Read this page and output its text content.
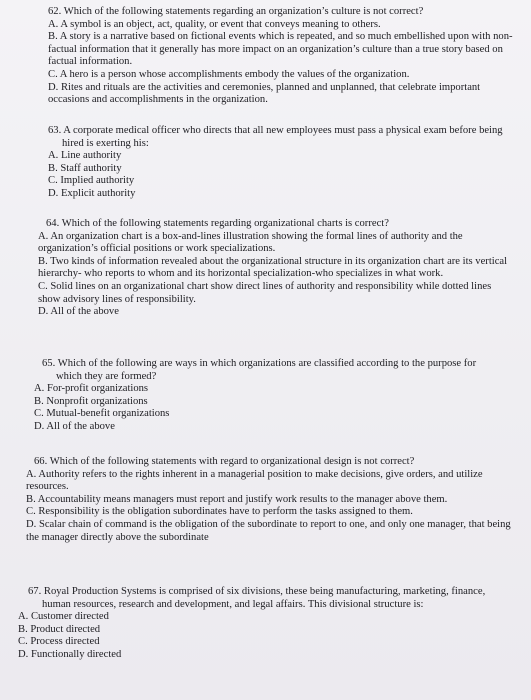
62. Which of the following statements regarding an organization’s culture is not correct?
A. A symbol is an object, act, quality, or event that conveys meaning to others.
B. A story is a narrative based on fictional events which is repeated, and so much embellished upon with non-factual information that it generally has more impact on an organization’s culture than a true story based on factual information.
C. A hero is a person whose accomplishments embody the values of the organization.
D. Rites and rituals are the activities and ceremonies, planned and unplanned, that celebrate important occasions and accomplishments in the organization.
63. A corporate medical officer who directs that all new employees must pass a physical exam before being hired is exerting his:
A. Line authority
B. Staff authority
C. Implied authority
D. Explicit authority
64. Which of the following statements regarding organizational charts is correct?
A. An organization chart is a box-and-lines illustration showing the formal lines of authority and the organization’s official positions or work specializations.
B. Two kinds of information revealed about the organizational structure in its organization chart are its vertical hierarchy- who reports to whom and its horizontal specialization-who specializes in what work.
C. Solid lines on an organizational chart show direct lines of authority and responsibility while dotted lines show advisory lines of responsibility.
D. All of the above
65. Which of the following are ways in which organizations are classified according to the purpose for which they are formed?
A. For-profit organizations
B. Nonprofit organizations
C. Mutual-benefit organizations
D. All of the above
66. Which of the following statements with regard to organizational design is not correct?
A. Authority refers to the rights inherent in a managerial position to make decisions, give orders, and utilize resources.
B. Accountability means managers must report and justify work results to the manager above them.
C. Responsibility is the obligation subordinates have to perform the tasks assigned to them.
D. Scalar chain of command is the obligation of the subordinate to report to one, and only one manager, that being the manager directly above the subordinate
67. Royal Production Systems is comprised of six divisions, these being manufacturing, marketing, finance, human resources, research and development, and legal affairs. This divisional structure is:
A. Customer directed
B. Product directed
C. Process directed
D. Functionally directed
